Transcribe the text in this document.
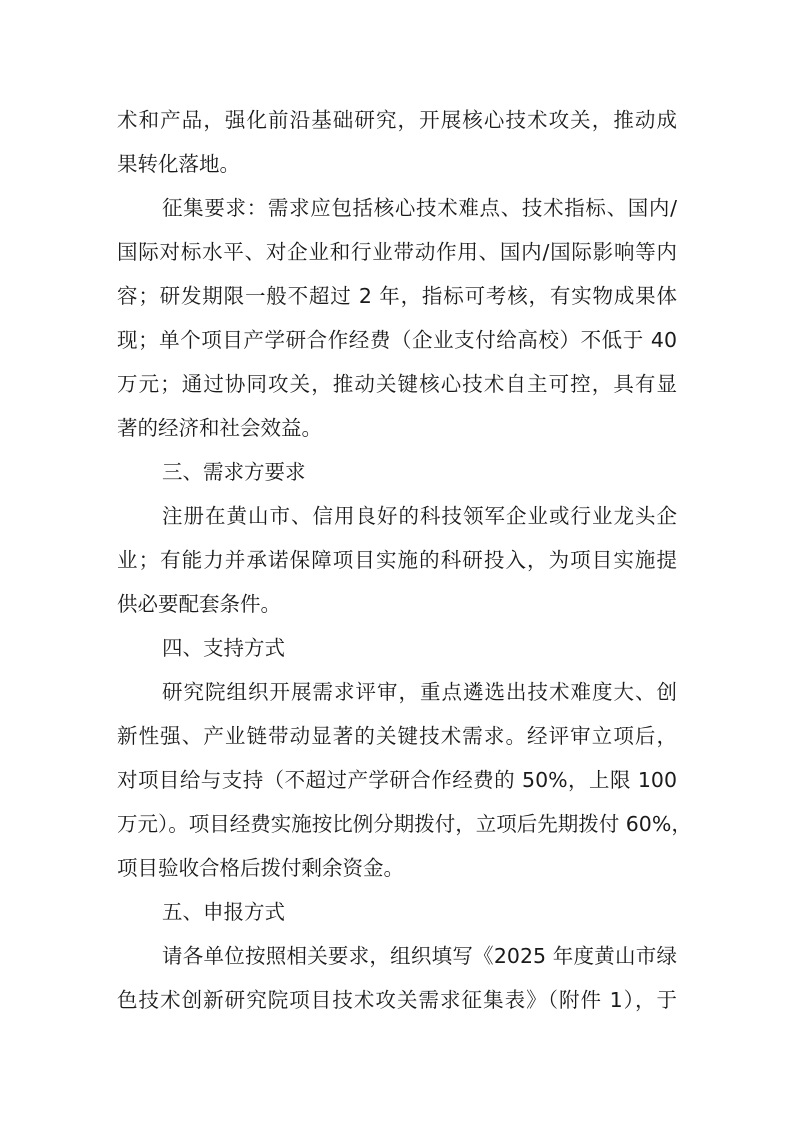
术和产品，强化前沿基础研究，开展核心技术攻关，推动成
果转化落地。
征集要求：需求应包括核心技术难点、技术指标、国内/
国际对标水平、对企业和行业带动作用、国内/国际影响等内
容；研发期限一般不超过 2 年，指标可考核，有实物成果体
现；单个项目产学研合作经费（企业支付给高校）不低于 40
万元；通过协同攻关，推动关键核心技术自主可控，具有显
著的经济和社会效益。
三、需求方要求
注册在黄山市、信用良好的科技领军企业或行业龙头企
业；有能力并承诺保障项目实施的科研投入，为项目实施提
供必要配套条件。
四、支持方式
研究院组织开展需求评审，重点遴选出技术难度大、创
新性强、产业链带动显著的关键技术需求。经评审立项后，
对项目给与支持（不超过产学研合作经费的 50%，上限 100
万元）。项目经费实施按比例分期拨付，立项后先期拨付 60%，
项目验收合格后拨付剩余资金。
五、申报方式
请各单位按照相关要求，组织填写《2025 年度黄山市绿
色技术创新研究院项目技术攻关需求征集表》（附件 1），于
